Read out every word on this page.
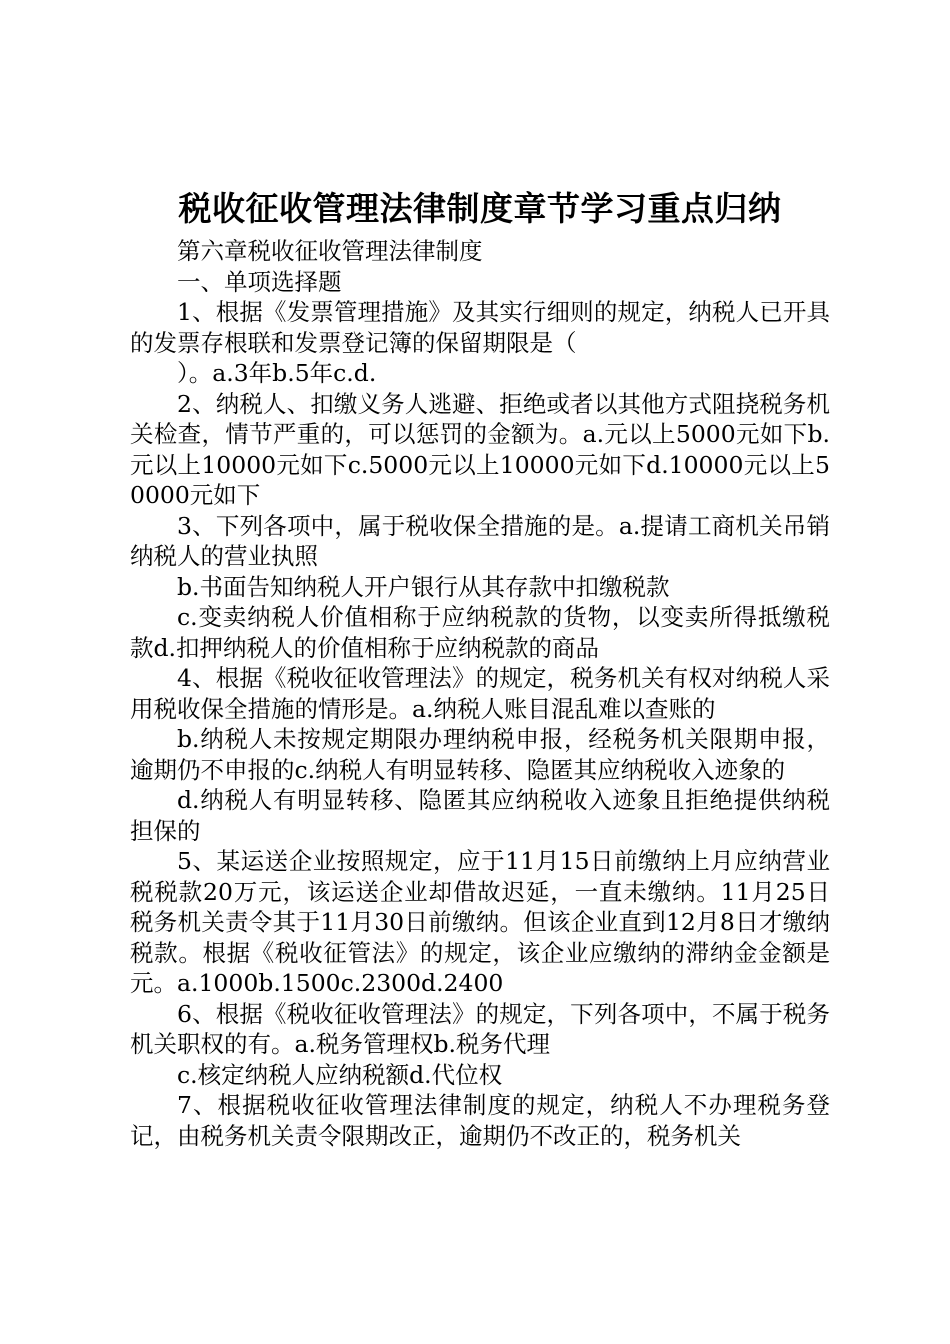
税收征收管理法律制度章节学习重点归纳

第六章税收征收管理法律制度

一、单项选择题

1、根据《发票管理措施》及其实行细则的规定，纳税人已开具的发票存根联和发票登记簿的保留期限是（

）。a.3年b.5年c.d.

2、纳税人、扣缴义务人逃避、拒绝或者以其他方式阻挠税务机关检查，情节严重的，可以惩罚的金额为。a.元以上5000元如下b.元以上10000元如下c.5000元以上10000元如下d.10000元以上50000元如下

3、下列各项中，属于税收保全措施的是。a.提请工商机关吊销纳税人的营业执照

b.书面告知纳税人开户银行从其存款中扣缴税款

c.变卖纳税人价值相称于应纳税款的货物，以变卖所得抵缴税款d.扣押纳税人的价值相称于应纳税款的商品

4、根据《税收征收管理法》的规定，税务机关有权对纳税人采用税收保全措施的情形是。a.纳税人账目混乱难以查账的

b.纳税人未按规定期限办理纳税申报，经税务机关限期申报，逾期仍不申报的c.纳税人有明显转移、隐匿其应纳税收入迹象的

d.纳税人有明显转移、隐匿其应纳税收入迹象且拒绝提供纳税担保的

5、某运送企业按照规定，应于11月15日前缴纳上月应纳营业税税款20万元，该运送企业却借故迟延，一直未缴纳。11月25日税务机关责令其于11月30日前缴纳。但该企业直到12月8日才缴纳税款。根据《税收征管法》的规定，该企业应缴纳的滞纳金金额是元。a.1000b.1500c.2300d.2400

6、根据《税收征收管理法》的规定，下列各项中，不属于税务机关职权的有。a.税务管理权b.税务代理

c.核定纳税人应纳税额d.代位权

7、根据税收征收管理法律制度的规定，纳税人不办理税务登记，由税务机关责令限期改正，逾期仍不改正的，税务机关
